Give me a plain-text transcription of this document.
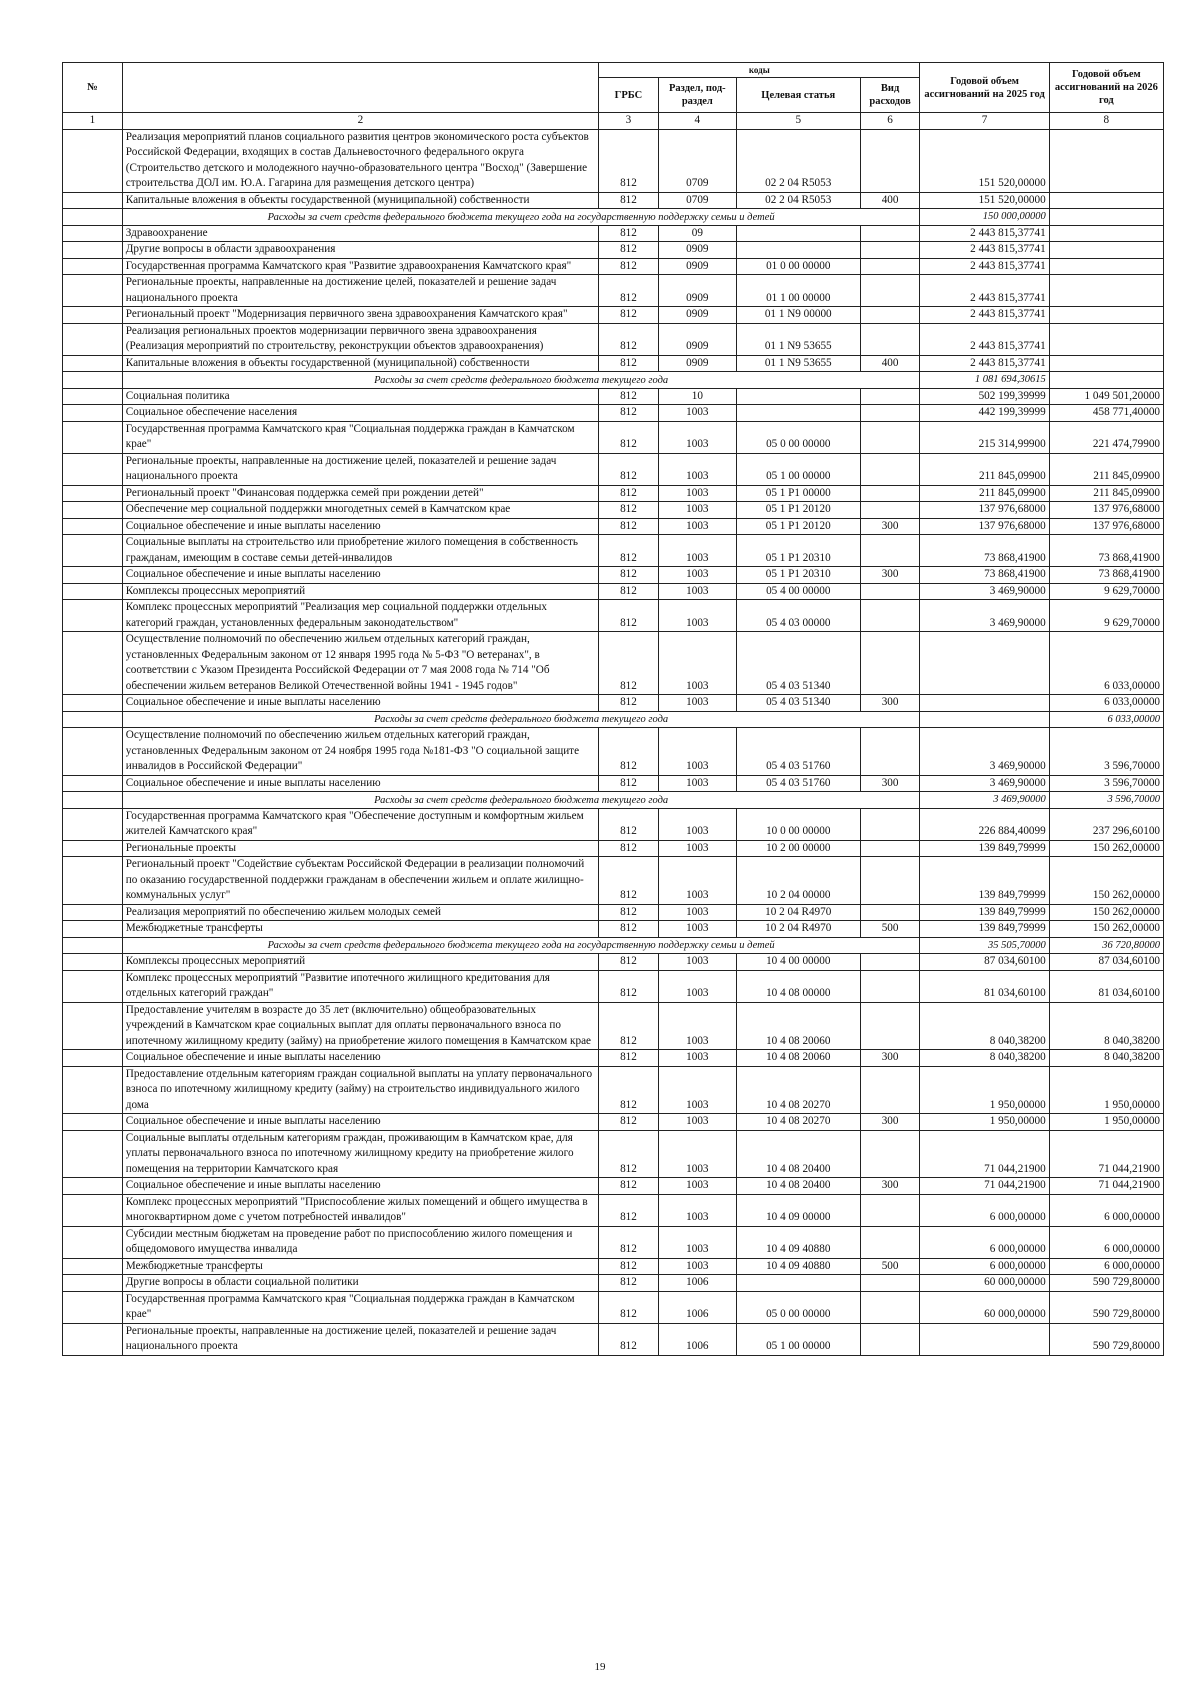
№		коды				Годовой объем ассигнований на 2025 год	Годовой объем ассигнований на 2026 год
		ГРБС	Раздел, под-раздел	Целевая статья	Вид расходов		
1	2	3	4	5	6	7	8
	Реализация мероприятий планов социального развития центров экономического роста субъектов Российской Федерации, входящих в состав Дальневосточного федерального округа (Строительство детского и молодежного научно-образовательного центра "Восход" (Завершение строительства ДОЛ им. Ю.А. Гагарина для размещения детского центра)	812	0709	02 2 04 R5053		151 520,00000	
	Капитальные вложения в объекты государственной (муниципальной) собственности	812	0709	02 2 04 R5053	400	151 520,00000	
	Расходы за счет средств федерального бюджета текущего года на государственную поддержку семьи и детей					150 000,00000	
	Здравоохранение	812	09			2 443 815,37741	
	Другие вопросы в области здравоохранения	812	0909			2 443 815,37741	
	Государственная программа Камчатского края "Развитие здравоохранения Камчатского края"	812	0909	01 0 00 00000		2 443 815,37741	
	Региональные проекты, направленные на достижение целей, показателей и решение задач национального проекта	812	0909	01 1 00 00000		2 443 815,37741	
	Региональный проект "Модернизация первичного звена здравоохранения Камчатского края"	812	0909	01 1 N9 00000		2 443 815,37741	
	Реализация региональных проектов модернизации первичного звена здравоохранения (Реализация мероприятий по строительству, реконструкции объектов здравоохранения)	812	0909	01 1 N9 53655		2 443 815,37741	
	Капитальные вложения в объекты государственной (муниципальной) собственности	812	0909	01 1 N9 53655	400	2 443 815,37741	
	Расходы за счет средств федерального бюджета текущего года					1 081 694,30615	
	Социальная политика	812	10			502 199,39999	1 049 501,20000
	Социальное обеспечение населения	812	1003			442 199,39999	458 771,40000
	Государственная программа Камчатского края "Социальная поддержка граждан в Камчатском крае"	812	1003	05 0 00 00000		215 314,99900	221 474,79900
	Региональные проекты, направленные на достижение целей, показателей и решение задач национального проекта	812	1003	05 1 00 00000		211 845,09900	211 845,09900
	Региональный проект "Финансовая поддержка семей при рождении детей"	812	1003	05 1 P1 00000		211 845,09900	211 845,09900
	Обеспечение мер социальной поддержки многодетных семей в Камчатском крае	812	1003	05 1 P1 20120		137 976,68000	137 976,68000
	Социальное обеспечение и иные выплаты населению	812	1003	05 1 P1 20120	300	137 976,68000	137 976,68000
	Социальные выплаты на строительство или приобретение жилого помещения в собственность гражданам, имеющим в составе семьи детей-инвалидов	812	1003	05 1 P1 20310		73 868,41900	73 868,41900
	Социальное обеспечение и иные выплаты населению	812	1003	05 1 P1 20310	300	73 868,41900	73 868,41900
	Комплексы процессных мероприятий	812	1003	05 4 00 00000		3 469,90000	9 629,70000
	Комплекс процессных мероприятий "Реализация мер социальной поддержки отдельных категорий граждан, установленных федеральным законодательством"	812	1003	05 4 03 00000		3 469,90000	9 629,70000
	Осуществление полномочий по обеспечению жильем отдельных категорий граждан, установленных Федеральным законом от 12 января 1995 года № 5-ФЗ "О ветеранах", в соответствии с Указом Президента Российской Федерации от 7 мая 2008 года № 714 "Об обеспечении жильем ветеранов Великой Отечественной войны 1941 - 1945 годов"	812	1003	05 4 03 51340			6 033,00000
	Социальное обеспечение и иные выплаты населению	812	1003	05 4 03 51340	300		6 033,00000
	Расходы за счет средств федерального бюджета текущего года						6 033,00000
	Осуществление полномочий по обеспечению жильем отдельных категорий граждан, установленных Федеральным законом от 24 ноября 1995 года №181-ФЗ "О социальной защите инвалидов в Российской Федерации"	812	1003	05 4 03 51760		3 469,90000	3 596,70000
	Социальное обеспечение и иные выплаты населению	812	1003	05 4 03 51760	300	3 469,90000	3 596,70000
	Расходы за счет средств федерального бюджета текущего года					3 469,90000	3 596,70000
	Государственная программа Камчатского края "Обеспечение доступным и комфортным жильем жителей Камчатского края"	812	1003	10 0 00 00000		226 884,40099	237 296,60100
	Региональные проекты	812	1003	10 2 00 00000		139 849,79999	150 262,00000
	Региональный проект "Содействие субъектам Российской Федерации в реализации полномочий по оказанию государственной поддержки гражданам в обеспечении жильем и оплате жилищно-коммунальных услуг"	812	1003	10 2 04 00000		139 849,79999	150 262,00000
	Реализация мероприятий по обеспечению жильем молодых семей	812	1003	10 2 04 R4970		139 849,79999	150 262,00000
	Межбюджетные трансферты	812	1003	10 2 04 R4970	500	139 849,79999	150 262,00000
	Расходы за счет средств федерального бюджета текущего года на государственную поддержку семьи и детей					35 505,70000	36 720,80000
	Комплексы процессных мероприятий	812	1003	10 4 00 00000		87 034,60100	87 034,60100
	Комплекс процессных мероприятий "Развитие ипотечного жилищного кредитования для отдельных категорий граждан"	812	1003	10 4 08 00000		81 034,60100	81 034,60100
	Предоставление учителям в возрасте до 35 лет (включительно) общеобразовательных учреждений в Камчатском крае социальных выплат для оплаты первоначального взноса по ипотечному жилищному кредиту (займу) на приобретение жилого помещения в Камчатском крае	812	1003	10 4 08 20060		8 040,38200	8 040,38200
	Социальное обеспечение и иные выплаты населению	812	1003	10 4 08 20060	300	8 040,38200	8 040,38200
	Предоставление отдельным категориям граждан социальной выплаты на уплату первоначального взноса по ипотечному жилищному кредиту (займу) на строительство индивидуального жилого дома	812	1003	10 4 08 20270		1 950,00000	1 950,00000
	Социальное обеспечение и иные выплаты населению	812	1003	10 4 08 20270	300	1 950,00000	1 950,00000
	Социальные выплаты отдельным категориям граждан, проживающим в Камчатском крае, для уплаты первоначального взноса по ипотечному жилищному кредиту на приобретение жилого помещения на территории Камчатского края	812	1003	10 4 08 20400		71 044,21900	71 044,21900
	Социальное обеспечение и иные выплаты населению	812	1003	10 4 08 20400	300	71 044,21900	71 044,21900
	Комплекс процессных мероприятий "Приспособление жилых помещений и общего имущества в многоквартирном доме с учетом потребностей инвалидов"	812	1003	10 4 09 00000		6 000,00000	6 000,00000
	Субсидии местным бюджетам на проведение работ по приспособлению жилого помещения и общедомового имущества инвалида	812	1003	10 4 09 40880		6 000,00000	6 000,00000
	Межбюджетные трансферты	812	1003	10 4 09 40880	500	6 000,00000	6 000,00000
	Другие вопросы в области социальной политики	812	1006			60 000,00000	590 729,80000
	Государственная программа Камчатского края "Социальная поддержка граждан в Камчатском крае"	812	1006	05 0 00 00000		60 000,00000	590 729,80000
	Региональные проекты, направленные на достижение целей, показателей и решение задач национального проекта	812	1006	05 1 00 00000			590 729,80000
19
